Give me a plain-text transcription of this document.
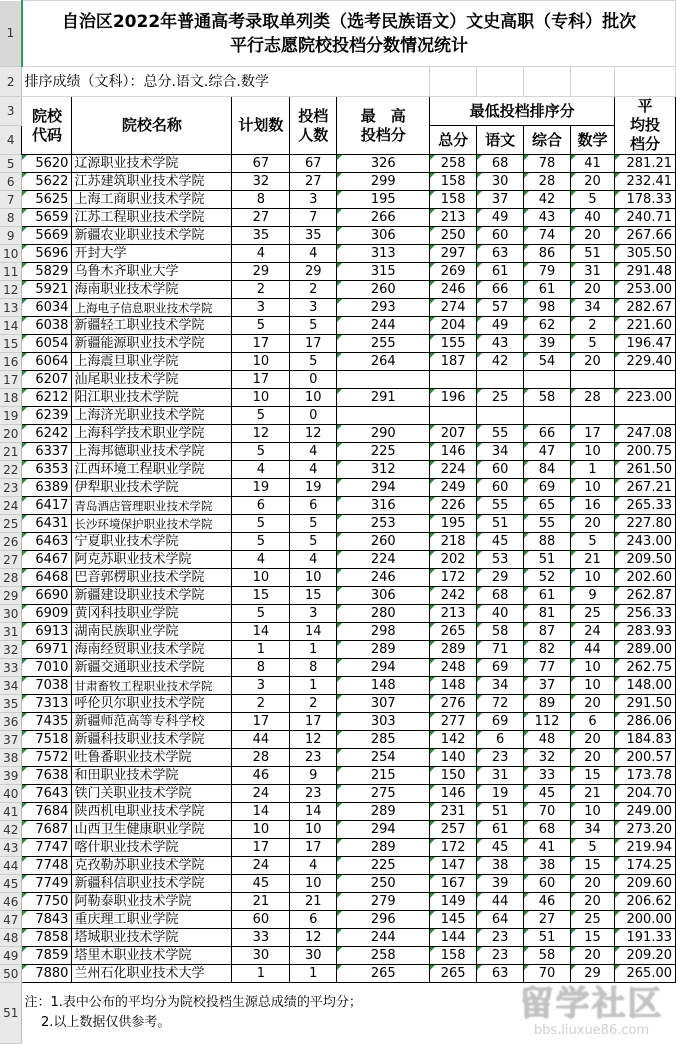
1	自治区2022年普通高考录取单列类（选考民族语文）文史高职（专科）批次
平行志愿院校投档分数情况统计									
2	排序成绩（文科）：总分.语文.综合.数学									
3	院校代码	院校名称	计划数	投档人数	最　高投档分	最低投档排序分				平　均投档分
4						总分	语文	综合	数学	
5	5620	辽源职业技术学院	67	67	326	258	68	78	41	281.21
6	5622	江苏建筑职业技术学院	32	27	299	158	30	28	20	232.41
7	5625	上海工商职业技术学院	8	3	195	158	37	42	5	178.33
8	5659	江苏工程职业技术学院	27	7	266	213	49	43	40	240.71
9	5669	新疆农业职业技术学院	35	35	306	250	60	74	20	267.66
10	5696	开封大学	4	4	313	297	63	86	51	305.50
11	5829	乌鲁木齐职业大学	29	29	315	269	61	79	31	291.48
12	5921	海南职业技术学院	2	2	260	246	66	61	20	253.00
13	6034	上海电子信息职业技术学院	3	3	293	274	57	98	34	282.67
14	6038	新疆轻工职业技术学院	5	5	244	204	49	62	2	221.60
15	6054	新疆能源职业技术学院	17	17	255	155	43	39	5	196.47
16	6064	上海震旦职业学院	10	5	264	187	42	54	20	229.40
17	6207	汕尾职业技术学院	17	0						
18	6212	阳江职业技术学院	10	10	291	196	25	58	28	223.00
19	6239	上海济光职业技术学院	5	0						
20	6242	上海科学技术职业学院	12	12	290	207	55	66	17	247.08
21	6337	上海邦德职业技术学院	5	4	225	146	34	47	10	200.75
22	6353	江西环境工程职业学院	4	4	312	224	60	84	1	261.50
23	6389	伊犁职业技术学院	19	19	294	249	60	69	10	267.21
24	6417	青岛酒店管理职业技术学院	6	6	316	226	55	65	16	265.33
25	6431	长沙环境保护职业技术学院	5	5	253	195	51	55	20	227.80
26	6463	宁夏职业技术学院	5	5	260	218	45	88	5	243.00
27	6467	阿克苏职业技术学院	4	4	224	202	53	51	21	209.50
28	6468	巴音郭楞职业技术学院	10	10	246	172	29	52	10	202.60
29	6690	新疆建设职业技术学院	15	15	306	242	68	61	9	262.87
30	6909	黄冈科技职业学院	5	3	280	213	40	81	25	256.33
31	6913	湖南民族职业学院	14	14	298	265	58	87	24	283.93
32	6971	海南经贸职业技术学院	1	1	289	289	71	82	44	289.00
33	7010	新疆交通职业技术学院	8	8	294	248	69	77	10	262.75
34	7038	甘肃畜牧工程职业技术学院	3	1	148	148	34	37	10	148.00
35	7313	呼伦贝尔职业技术学院	2	2	307	276	72	89	20	291.50
36	7435	新疆师范高等专科学校	17	17	303	277	69	112	6	286.06
37	7518	新疆科技职业技术学院	44	12	285	142	6	48	20	184.83
38	7572	吐鲁番职业技术学院	28	23	254	140	23	32	20	200.57
39	7638	和田职业技术学院	46	9	215	150	31	33	15	173.78
40	7643	铁门关职业技术学院	24	23	275	146	19	45	21	204.70
41	7684	陕西机电职业技术学院	14	14	289	231	51	70	10	249.00
42	7687	山西卫生健康职业学院	10	10	294	257	61	68	34	273.20
43	7747	喀什职业技术学院	17	17	289	172	45	41	5	219.94
44	7748	克孜勒苏职业技术学院	24	4	225	147	38	38	15	174.25
45	7749	新疆科信职业技术学院	45	10	250	167	39	60	20	209.60
46	7750	阿勒泰职业技术学院	21	21	279	149	44	46	20	206.62
47	7843	重庆理工职业学院	60	6	296	145	64	27	25	200.00
48	7858	塔城职业技术学院	33	12	244	144	23	51	15	191.33
49	7859	塔里木职业技术学院	30	30	258	158	23	58	20	209.20
50	7880	兰州石化职业技术大学	1	1	265	265	63	70	29	265.00
51	注：1.表中公布的平均分为院校投档生源总成绩的平均分；
2.以上数据仅供参考。 留学社区
bbs.liuxue86.com									
